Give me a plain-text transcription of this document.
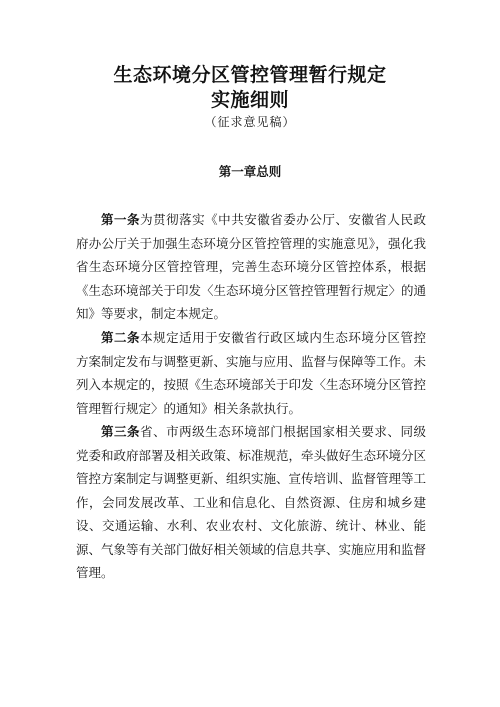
生态环境分区管控管理暂行规定
实施细则
（征求意见稿）
第一章总则

第一条为贯彻落实《中共安徽省委办公厅、安徽省人民政府办公厅关于加强生态环境分区管控管理的实施意见》，强化我省生态环境分区管控管理，完善生态环境分区管控体系，根据《生态环境部关于印发〈生态环境分区管控管理暂行规定〉的通知》等要求，制定本规定。

第二条本规定适用于安徽省行政区域内生态环境分区管控方案制定发布与调整更新、实施与应用、监督与保障等工作。未列入本规定的，按照《生态环境部关于印发〈生态环境分区管控管理暂行规定〉的通知》相关条款执行。

第三条省、市两级生态环境部门根据国家相关要求、同级党委和政府部署及相关政策、标准规范，牵头做好生态环境分区管控方案制定与调整更新、组织实施、宣传培训、监督管理等工作，会同发展改革、工业和信息化、自然资源、住房和城乡建设、交通运输、水利、农业农村、文化旅游、统计、林业、能源、气象等有关部门做好相关领域的信息共享、实施应用和监督管理。
